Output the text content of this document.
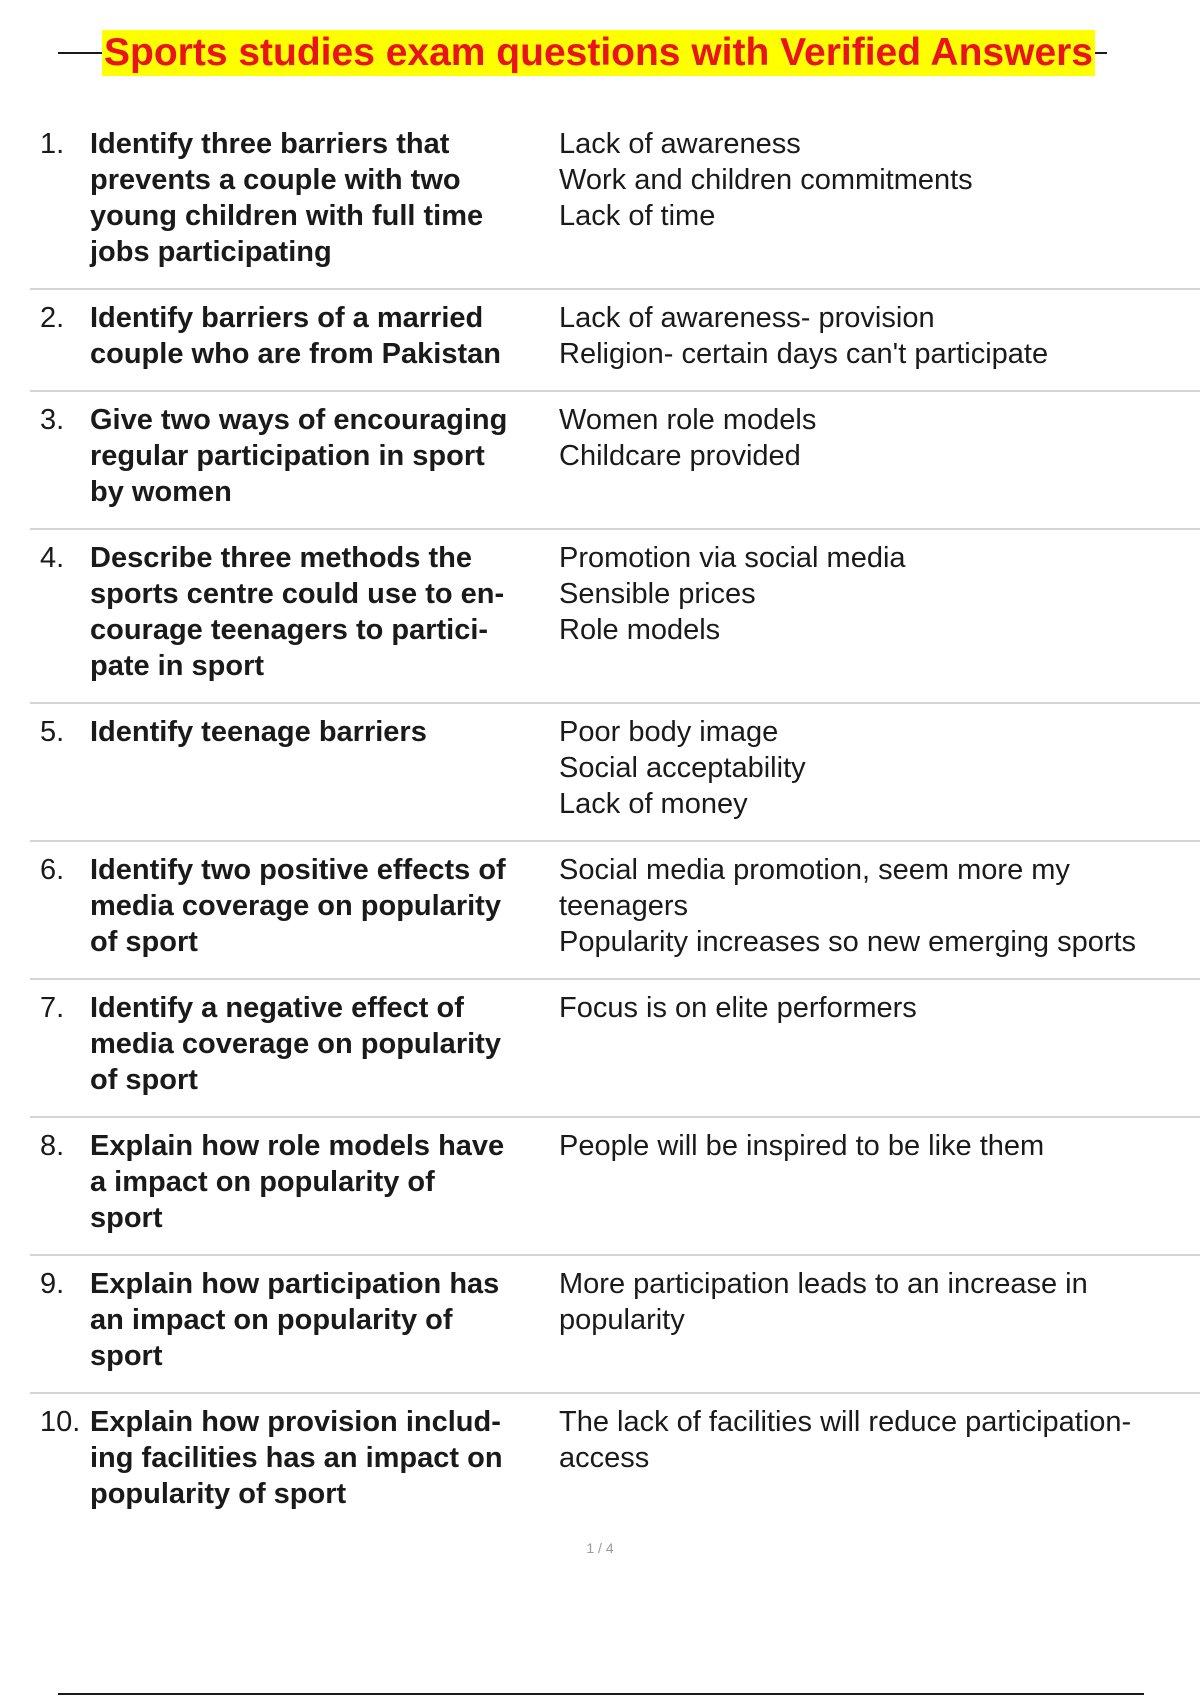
Sports studies exam questions with Verified Answers
1. Identify three barriers that
prevents a couple with two
young children with full time
jobs participating
Lack of awareness
Work and children commitments
Lack of time
2. Identify barriers of a married
couple who are from Pakistan
Lack of awareness- provision
Religion- certain days can't participate
3. Give two ways of encouraging
regular participation in sport
by women
Women role models
Childcare provided
4. Describe three methods the
sports centre could use to en-
courage teenagers to partici-
pate in sport
Promotion via social media
Sensible prices
Role models
5. Identify teenage barriers	Poor body image
Social acceptability
Lack of money
6. Identify two positive effects of
media coverage on popularity
of sport
Social media promotion, seem more my
teenagers
Popularity increases so new emerging sports
7. Identify a negative effect of
media coverage on popularity
of sport
Focus is on elite performers
8. Explain how role models have
a impact on popularity of
sport
People will be inspired to be like them
9. Explain how participation has
an impact on popularity of
sport
More participation leads to an increase in
popularity
10. Explain how provision includ-
ing facilities has an impact on
popularity of sport
The lack of facilities will reduce participation-
access
1 / 4
